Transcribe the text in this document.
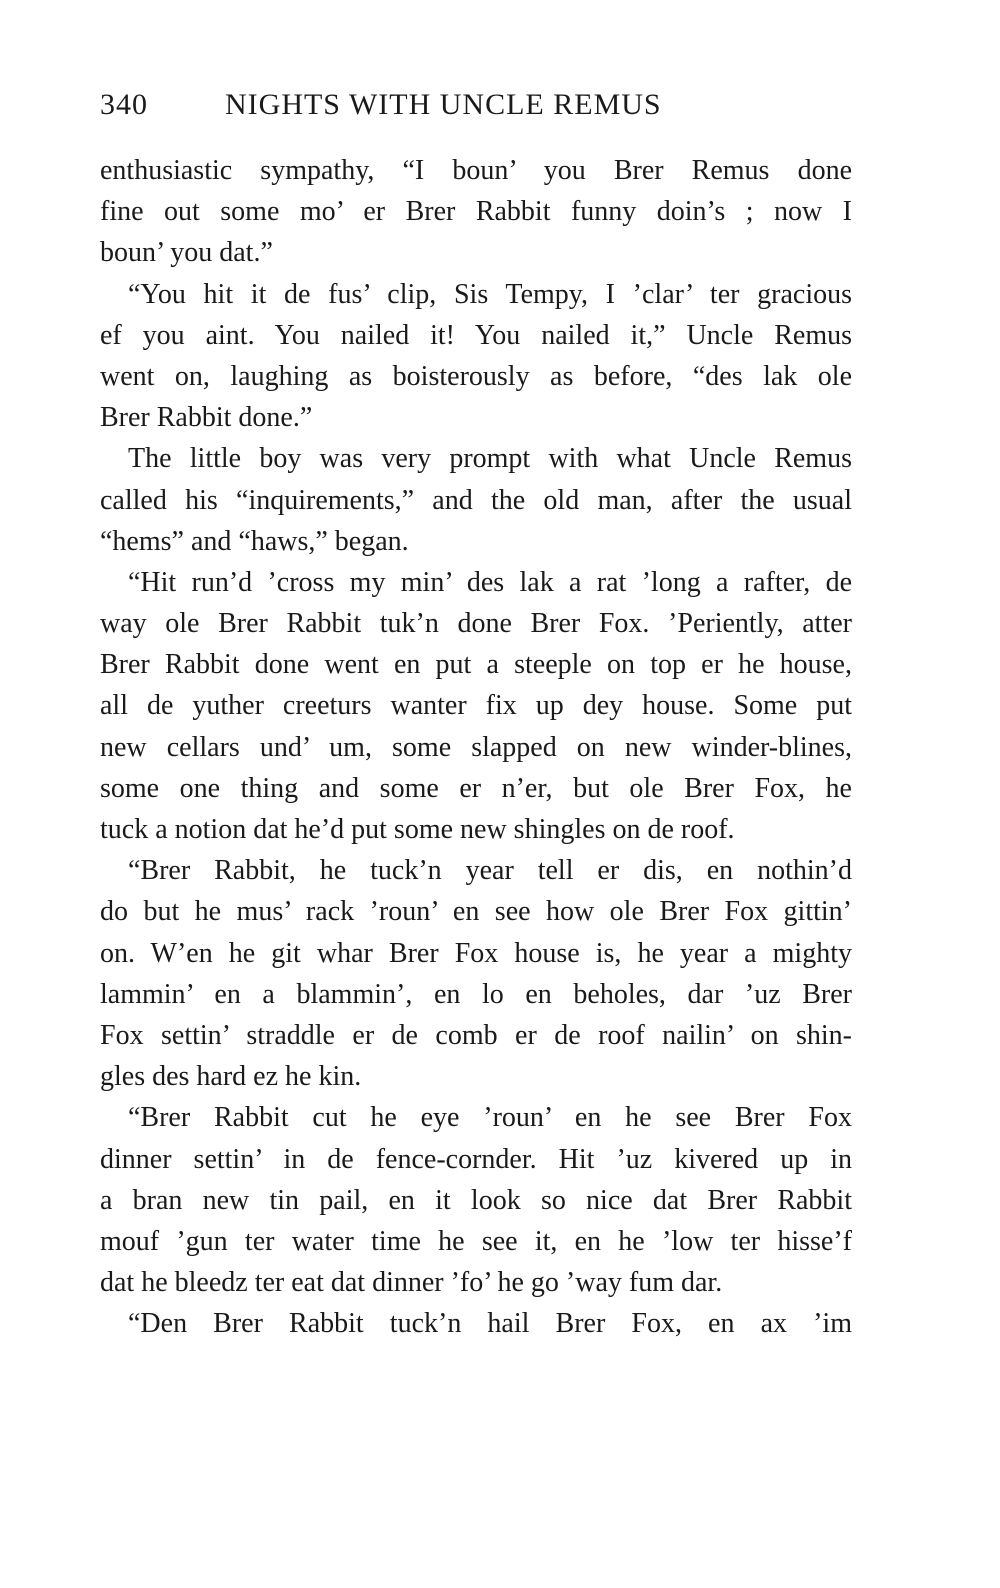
340	NIGHTS WITH UNCLE REMUS
enthusiastic sympathy, “I boun’ you Brer Remus done
fine out some mo’ er Brer Rabbit funny doin’s ; now I
boun’ you dat.”
“You hit it de fus’ clip, Sis Tempy, I ’clar’ ter gracious
ef you aint. You nailed it! You nailed it,” Uncle Remus
went on, laughing as boisterously as before, “des lak ole
Brer Rabbit done.”
The little boy was very prompt with what Uncle Remus
called his “inquirements,” and the old man, after the usual
“hems” and “haws,” began.
“Hit run’d ’cross my min’ des lak a rat ’long a rafter, de
way ole Brer Rabbit tuk’n done Brer Fox. ’Periently, atter
Brer Rabbit done went en put a steeple on top er he house,
all de yuther creeturs wanter fix up dey house. Some put
new cellars und’ um, some slapped on new winder-blines,
some one thing and some er n’er, but ole Brer Fox, he
tuck a notion dat he’d put some new shingles on de roof.
“Brer Rabbit, he tuck’n year tell er dis, en nothin’d
do but he mus’ rack ’roun’ en see how ole Brer Fox gittin’
on. W’en he git whar Brer Fox house is, he year a mighty
lammin’ en a blammin’, en lo en beholes, dar ’uz Brer
Fox settin’ straddle er de comb er de roof nailin’ on shin-
gles des hard ez he kin.
“Brer Rabbit cut he eye ’roun’ en he see Brer Fox
dinner settin’ in de fence-cornder. Hit ’uz kivered up in
a bran new tin pail, en it look so nice dat Brer Rabbit
mouf ’gun ter water time he see it, en he ’low ter hisse’f
dat he bleedz ter eat dat dinner ’fo’ he go ’way fum dar.
“Den Brer Rabbit tuck’n hail Brer Fox, en ax ’im
